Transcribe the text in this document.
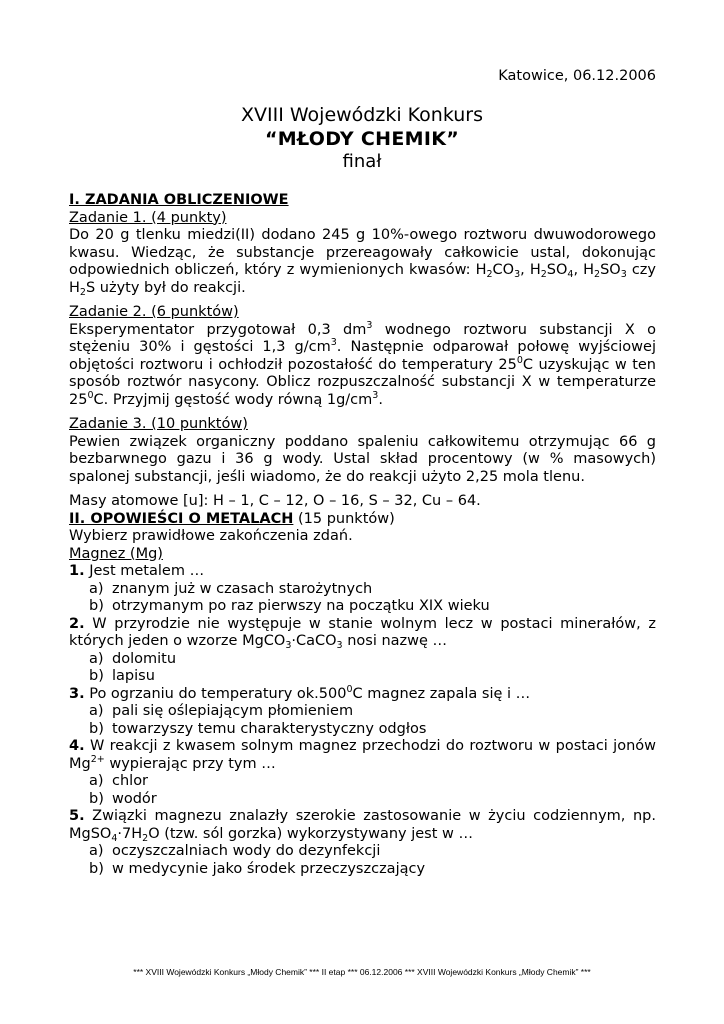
Katowice, 06.12.2006
XVIII Wojewódzki Konkurs
“MŁODY CHEMIK”
finał

I. ZADANIA OBLICZENIOWE

Zadanie 1. (4 punkty)

Do 20 g tlenku miedzi(II) dodano 245 g 10%-owego roztworu dwuwodorowego kwasu. Wiedząc, że substancje przereagowały całkowicie ustal, dokonując odpowiednich obliczeń, który z wymienionych kwasów: $H_2CO_3$, $H_2SO_4$, $H_2SO_3$ czy $H_2S$ użyty był do reakcji.

Zadanie 2. (6 punktów)

Eksperymentator przygotował 0,3 $dm^3$ wodnego roztworu substancji X o stężeniu 30% i gęstości 1,3 $g/cm^3$. Następnie odparował połowę wyjściowej objętości roztworu i ochłodził pozostałość do temperatury $25^0C$ uzyskując w ten sposób roztwór nasycony. Oblicz rozpuszczalność substancji X w temperaturze $25^0C$. Przyjmij gęstość wody równą $1g/cm^3$.

Zadanie 3. (10 punktów)

Pewien związek organiczny poddano spaleniu całkowitemu otrzymując 66 g bezbarwnego gazu i 36 g wody. Ustal skład procentowy (w % masowych) spalonej substancji, jeśli wiadomo, że do reakcji użyto 2,25 mola tlenu.

Masy atomowe [u]: H – 1, C – 12, O – 16, S – 32, Cu – 64.

II. OPOWIEŚCI O METALACH (15 punktów)

Wybierz prawidłowe zakończenia zdań.

Magnez (Mg)

1. Jest metalem …

a) znanym już w czasach starożytnych
b) otrzymanym po raz pierwszy na początku XIX wieku

2. W przyrodzie nie występuje w stanie wolnym lecz w postaci minerałów, z których jeden o wzorze MgCO$_3$·CaCO$_3$ nosi nazwę …

a) dolomitu
b) lapisu

3. Po ogrzaniu do temperatury ok.500$^0$C magnez zapala się i …

a) pali się oślepiającym płomieniem
b) towarzyszy temu charakterystyczny odgłos

4. W reakcji z kwasem solnym magnez przechodzi do roztworu w postaci jonów $Mg^{2+}$ wypierając przy tym …

a) chlor
b) wodór

5. Związki magnezu znalazły szerokie zastosowanie w życiu codziennym, np. $MgSO_4\cdot 7H_2O$ (tzw. sól gorzka) wykorzystywany jest w …

a) oczyszczalniach wody do dezynfekcji
b) w medycynie jako środek przeczyszczający
*** XVIII Wojewódzki Konkurs „Młody Chemik” *** II etap *** 06.12.2006 *** XVIII Wojewódzki Konkurs „Młody Chemik” ***
